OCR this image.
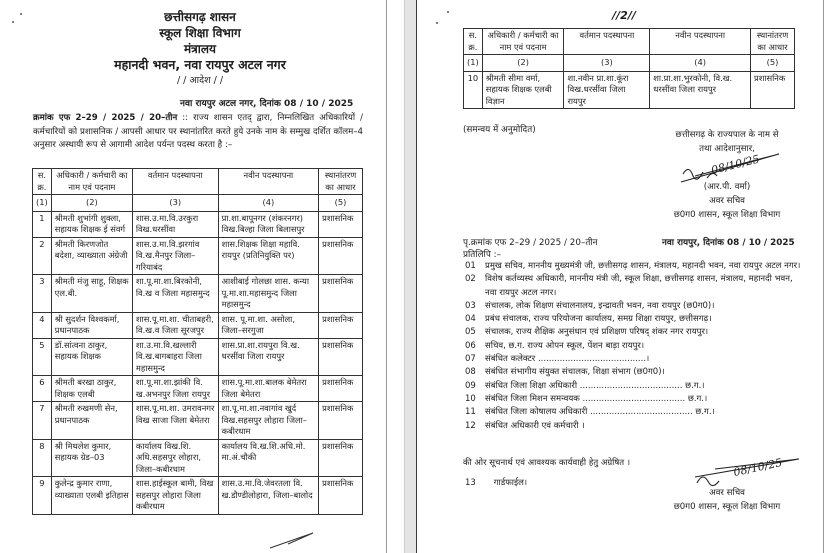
छत्तीसगढ़ शासन
स्कूल शिक्षा विभाग
मंत्रालय
महानदी भवन, नवा रायपुर अटल नगर
/ / आदेश / /
नवा रायपुर अटल नगर, दिनांक 08 / 10 / 2025
क्रमांक एफ 2–29 / 2025 / 20–तीन :: राज्य शासन एतद् द्वारा, निम्नलिखित अधिकारियों / कर्मचारियों को प्रशासनिक / आपसी आधार पर स्थानांतरित करते हुये उनके नाम के सम्मुख दर्शित कॉलम–4 अनुसार अस्थायी रूप से आगामी आदेश पर्यन्त पदस्थ करता है :–
स. क्र.	अधिकारी / कर्मचारी का नाम एवं पदनाम	वर्तमान पदस्थापना	नवीन पदस्थापना	स्थानांतरण का आधार
(1)	(2)	(3)	(4)	(5)
1	श्रीमती शुभांगी शुक्ला, सहायक शिक्षक ई संवर्ग	शास.उ.मा.वि.उरकुरा विख.धरसींवा	प्रा.शा.बापूनगर (शंकरनगर) विख.बिल्हा जिला बिलासपुर	प्रशासनिक
2	श्रीमती किरणजोत बदेशा, व्याख्याता अंग्रेजी	शास.उ.मा.वि.झरगांव वि.ख.मैनपुर जिला–गरियाबंद	शास.शिक्षक शिक्षा महावि. रायपुर (प्रतिनियुक्ति पर)	प्रशासनिक
3	श्रीमती मंजु साहू, शिक्षक एल.बी.	शा.पू.मा.शा.बिरकोनी, वि.ख व जिला महासमुन्द	आशीबाई गोलछा शास. कन्या पू.मा.शा.महासमुन्द जिला महासमुन्द	प्रशासनिक
4	श्री सुदर्शन विश्वकर्मा, प्रधानपाठक	शास.पू.मा.शा. चीताबहरी, वि.ख.व जिला सूरजपुर	शास. पू.मा.शा. असोला, जिला–सरगुजा	प्रशासनिक
5	डॉ.सांत्वना ठाकुर, सहायक शिक्षक	शा.उ.मा.वि.खल्लारी वि.ख.बागबाहरा जिला महासमुन्द	शास.प्रा.शा.रायपुरा वि.ख. धरसींवा जिला रायपुर	प्रशासनिक
6	श्रीमती बरखा ठाकुर, शिक्षक एलबी	शा.पू.मा.शा.झांकी वि. ख.अभनपुर जिला रायपुर	शास.पू.मा.शा.बालक बेमेतरा जिला बेमेतरा	प्रशासनिक
7	श्रीमती रुखमणी सेन, प्रधानपाठक	शास.पू.मा.शा. उमरावनगर विख साजा जिला बेमेतरा	शा.पू.मा.शा.नवागांव खुर्द विख.सहसपुर लोहारा जिला–कबीरधाम	प्रशासनिक
8	श्री मिथलेश कुमार, सहायक ग्रेड–03	कार्यालय विख.शि. अधि.सहसपुर लोहारा, जिला–कबीरधाम	कार्यालय वि.ख.शि.अधि.मो. मा.अं.चौकी	प्रशासनिक
9	कुलेन्द्र कुमार राणा, व्याख्याता एलबी इतिहास	शास.हाईस्कूल बामी, विख सहसपुर लोहारा जिला कबीरधाम	शास.उ.मा.वि.जेवरतला वि. ख.डौण्डीलोहारा, जिला–बालोद	प्रशासनिक
//2//
स. क्र.	अधिकारी / कर्मचारी का नाम एवं पदनाम	वर्तमान पदस्थापना	नवीन पदस्थापना	स्थानांतरण का आधार
(1)	(2)	(3)	(4)	(5)
10	श्रीमती सीमा वर्मा, सहायक शिक्षक एलबी विज्ञान	शा.नवीन प्रा.शा.कूंरा विख.धरसींवा जिला रायपुर	शा.प्रा.शा.भुरकोनी, वि.ख. धरसींवा जिला रायपुर	प्रशासनिक
(समन्वय में अनुमोदित)	छत्तीसगढ़ के राज्यपाल के नाम से
तथा आदेशानुसार,
(आर.पी. वर्मा)
अवर सचिव
छ0ग0 शासन, स्कूल शिक्षा विभाग
08/10/25
पृ.क्रमांक एफ 2–29 / 2025 / 20–तीन	नवा रायपुर, दिनांक 08 / 10 / 2025
प्रतिलिपि :–
01	प्रमुख सचिव, माननीय मुख्यमंत्री जी, छत्तीसगढ़ शासन, मंत्रालय, महानदी भवन, नवा रायपुर अटल नगर।
02	विशेष कर्तव्यस्थ अधिकारी, माननीय मंत्री जी, स्कूल शिक्षा, छत्तीसगढ़ शासन, मंत्रालय, महानदी भवन, नवा रायपुर अटल नगर।
03	संचालक, लोक शिक्षण संचालनालय, इन्द्रावती भवन, नवा रायपुर (छ0ग0)।
04	प्रबंध संचालक, राज्य परियोजना कार्यालय, समग्र शिक्षा रायपुर, छत्तीसगढ़।
05	संचालक, राज्य शैक्षिक अनुसंधान एवं प्रशिक्षण परिषद् शंकर नगर रायपुर।
06	सचिव, छ.ग. राज्य ओपन स्कूल, पेंशन बाड़ा रायपुर।
07	संबंधित कलेक्टर ........................................।
08	संबंधित संभागीय संयुक्त संचालक, शिक्षा संभाग (छ0ग0)।
09	संबंधित जिला शिक्षा अधिकारी ...................................... छ.ग.।
10	संबंधित जिला मिशन समन्वयक ...................................... छ.ग.।
11	संबंधित जिला कोषालय अधिकारी ...................................... छ.ग.।
12	संबंधित अधिकारी एवं कर्मचारी ।
की ओर सूचनार्थ एवं आवश्यक कार्यवाही हेतु अग्रेषित ।
13 गार्डफाईल।
अवर सचिव
छ0ग0 शासन, स्कूल शिक्षा विभाग
08/10/25
